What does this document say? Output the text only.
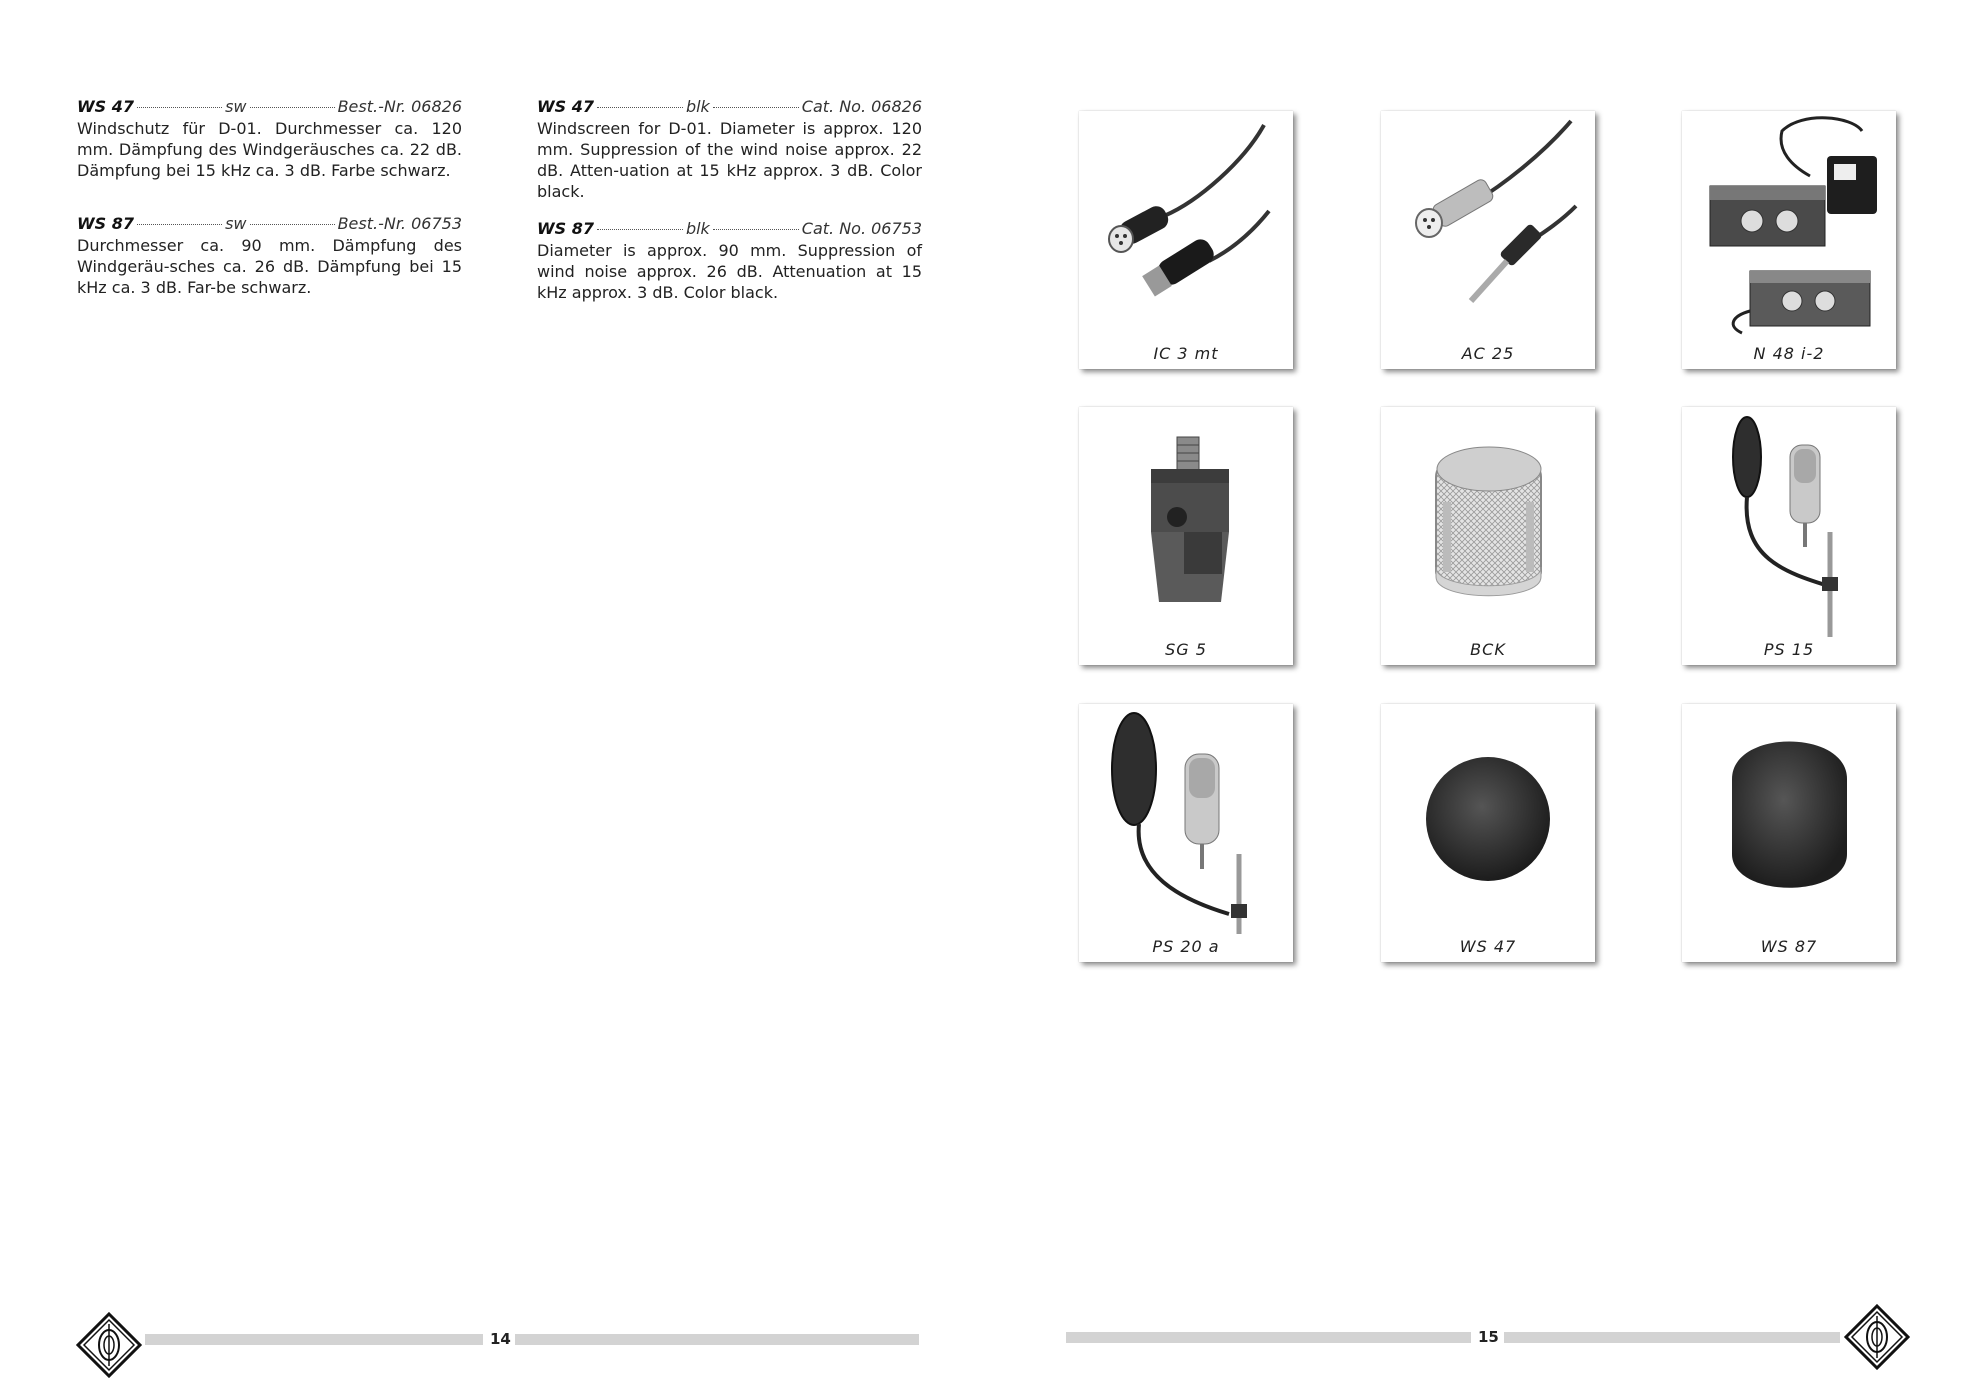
WS 47	sw	Best.-Nr. 06826
Windschutz für D-01. Durchmesser ca. 120 mm. Dämpfung des Windgeräusches ca. 22 dB. Dämpfung bei 15 kHz ca. 3 dB. Farbe schwarz.
WS 87	sw	Best.-Nr. 06753
Durchmesser ca. 90 mm. Dämpfung des Windgeräu-sches ca. 26 dB. Dämpfung bei 15 kHz ca. 3 dB. Far-be schwarz.
WS 47	blk	Cat. No. 06826
Windscreen for D-01. Diameter is approx. 120 mm. Suppression of the wind noise approx. 22 dB. Atten-uation at 15 kHz approx. 3 dB. Color black.
WS 87	blk	Cat. No. 06753
Diameter is approx. 90 mm. Suppression of wind noise approx. 26 dB. Attenuation at 15 kHz approx. 3 dB. Color black.
14
IC 3 mt	AC 25	N 48 i-2
SG 5	BCK	PS 15
PS 20 a	WS 47	WS 87
15
